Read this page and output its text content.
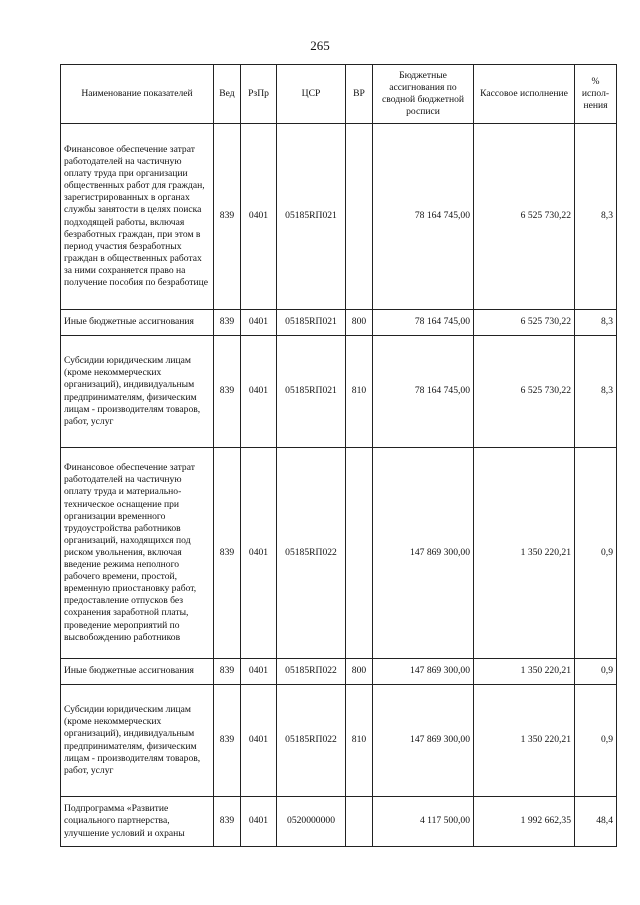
265
Наименование показателей	Вед	РзПр	ЦСР	ВР	Бюджетные ассигнования по сводной бюджетной росписи	Кассовое исполнение	% испол-нения
Финансовое обеспечение затрат работодателей на частичную оплату труда при организации общественных работ для граждан, зарегистрированных в органах службы занятости в целях поиска подходящей работы, включая безработных граждан, при этом в период участия безработных граждан в общественных работах за ними сохраняется право на получение пособия по безработице	839	0401	05185RП021		78 164 745,00	6 525 730,22	8,3
Иные бюджетные ассигнования	839	0401	05185RП021	800	78 164 745,00	6 525 730,22	8,3
Субсидии юридическим лицам (кроме некоммерческих организаций), индивидуальным предпринимателям, физическим лицам - производителям товаров, работ, услуг	839	0401	05185RП021	810	78 164 745,00	6 525 730,22	8,3
Финансовое обеспечение затрат работодателей на частичную оплату труда и материально-техническое оснащение при организации временного трудоустройства работников организаций, находящихся под риском увольнения, включая введение режима неполного рабочего времени, простой, временную приостановку работ, предоставление отпусков без сохранения заработной платы, проведение мероприятий по высвобождению работников	839	0401	05185RП022		147 869 300,00	1 350 220,21	0,9
Иные бюджетные ассигнования	839	0401	05185RП022	800	147 869 300,00	1 350 220,21	0,9
Субсидии юридическим лицам (кроме некоммерческих организаций), индивидуальным предпринимателям, физическим лицам - производителям товаров, работ, услуг	839	0401	05185RП022	810	147 869 300,00	1 350 220,21	0,9
Подпрограмма «Развитие социального партнерства, улучшение условий и охраны	839	0401	0520000000		4 117 500,00	1 992 662,35	48,4
